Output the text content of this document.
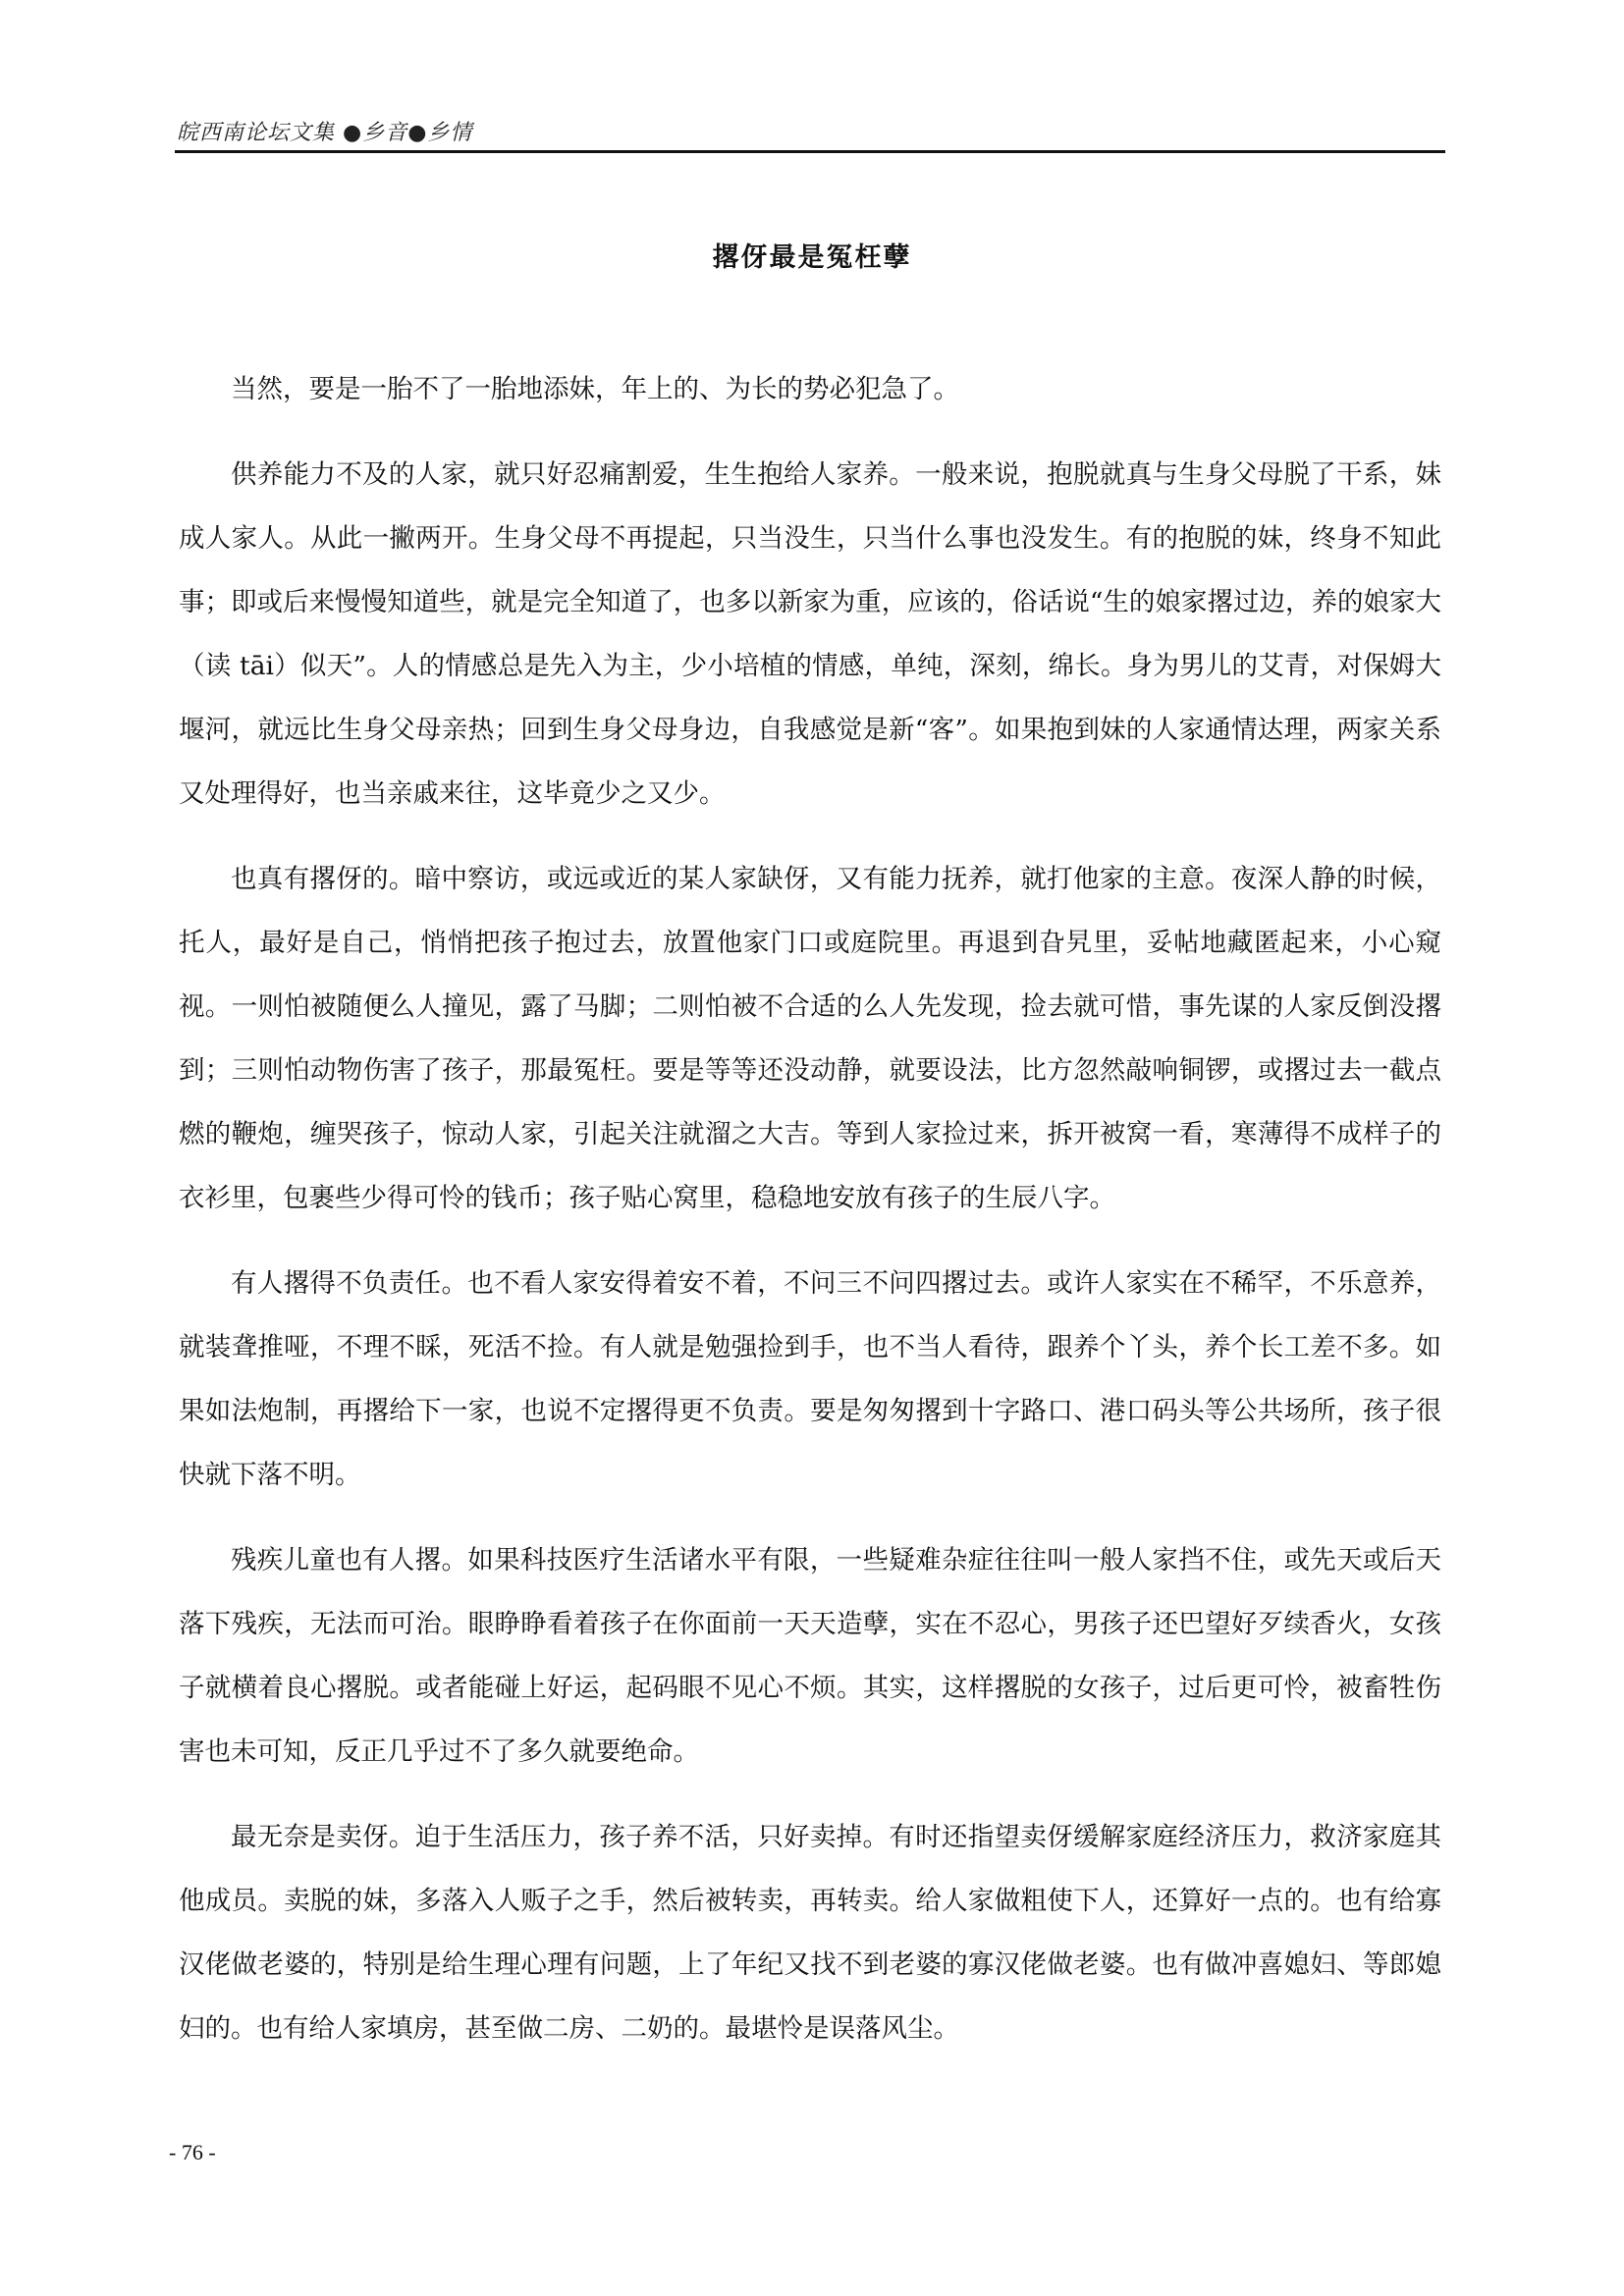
皖西南论坛文集 ●乡音●乡情
撂伢最是冤枉孽

当然，要是一胎不了一胎地添妹，年上的、为长的势必犯急了。

供养能力不及的人家，就只好忍痛割爱，生生抱给人家养。一般来说，抱脱就真与生身父母脱了干系，妹成人家人。从此一撇两开。生身父母不再提起，只当没生，只当什么事也没发生。有的抱脱的妹，终身不知此事；即或后来慢慢知道些，就是完全知道了，也多以新家为重，应该的，俗话说“生的娘家撂过边，养的娘家大（读 tāi）似天”。人的情感总是先入为主，少小培植的情感，单纯，深刻，绵长。身为男儿的艾青，对保姆大堰河，就远比生身父母亲热；回到生身父母身边，自我感觉是新“客”。如果抱到妹的人家通情达理，两家关系又处理得好，也当亲戚来往，这毕竟少之又少。

也真有撂伢的。暗中察访，或远或近的某人家缺伢，又有能力抚养，就打他家的主意。夜深人静的时候，托人，最好是自己，悄悄把孩子抱过去，放置他家门口或庭院里。再退到旮旯里，妥帖地藏匿起来，小心窥视。一则怕被随便么人撞见，露了马脚；二则怕被不合适的么人先发现，捡去就可惜，事先谋的人家反倒没撂到；三则怕动物伤害了孩子，那最冤枉。要是等等还没动静，就要设法，比方忽然敲响铜锣，或撂过去一截点燃的鞭炮，缠哭孩子，惊动人家，引起关注就溜之大吉。等到人家捡过来，拆开被窝一看，寒薄得不成样子的衣衫里，包裹些少得可怜的钱币；孩子贴心窝里，稳稳地安放有孩子的生辰八字。

有人撂得不负责任。也不看人家安得着安不着，不问三不问四撂过去。或许人家实在不稀罕，不乐意养，就装聋推哑，不理不睬，死活不捡。有人就是勉强捡到手，也不当人看待，跟养个丫头，养个长工差不多。如果如法炮制，再撂给下一家，也说不定撂得更不负责。要是匆匆撂到十字路口、港口码头等公共场所，孩子很快就下落不明。

残疾儿童也有人撂。如果科技医疗生活诸水平有限，一些疑难杂症往往叫一般人家挡不住，或先天或后天落下残疾，无法而可治。眼睁睁看着孩子在你面前一天天造孽，实在不忍心，男孩子还巴望好歹续香火，女孩子就横着良心撂脱。或者能碰上好运，起码眼不见心不烦。其实，这样撂脱的女孩子，过后更可怜，被畜牲伤害也未可知，反正几乎过不了多久就要绝命。

最无奈是卖伢。迫于生活压力，孩子养不活，只好卖掉。有时还指望卖伢缓解家庭经济压力，救济家庭其他成员。卖脱的妹，多落入人贩子之手，然后被转卖，再转卖。给人家做粗使下人，还算好一点的。也有给寡汉佬做老婆的，特别是给生理心理有问题，上了年纪又找不到老婆的寡汉佬做老婆。也有做冲喜媳妇、等郎媳妇的。也有给人家填房，甚至做二房、二奶的。最堪怜是误落风尘。

- 76 -
